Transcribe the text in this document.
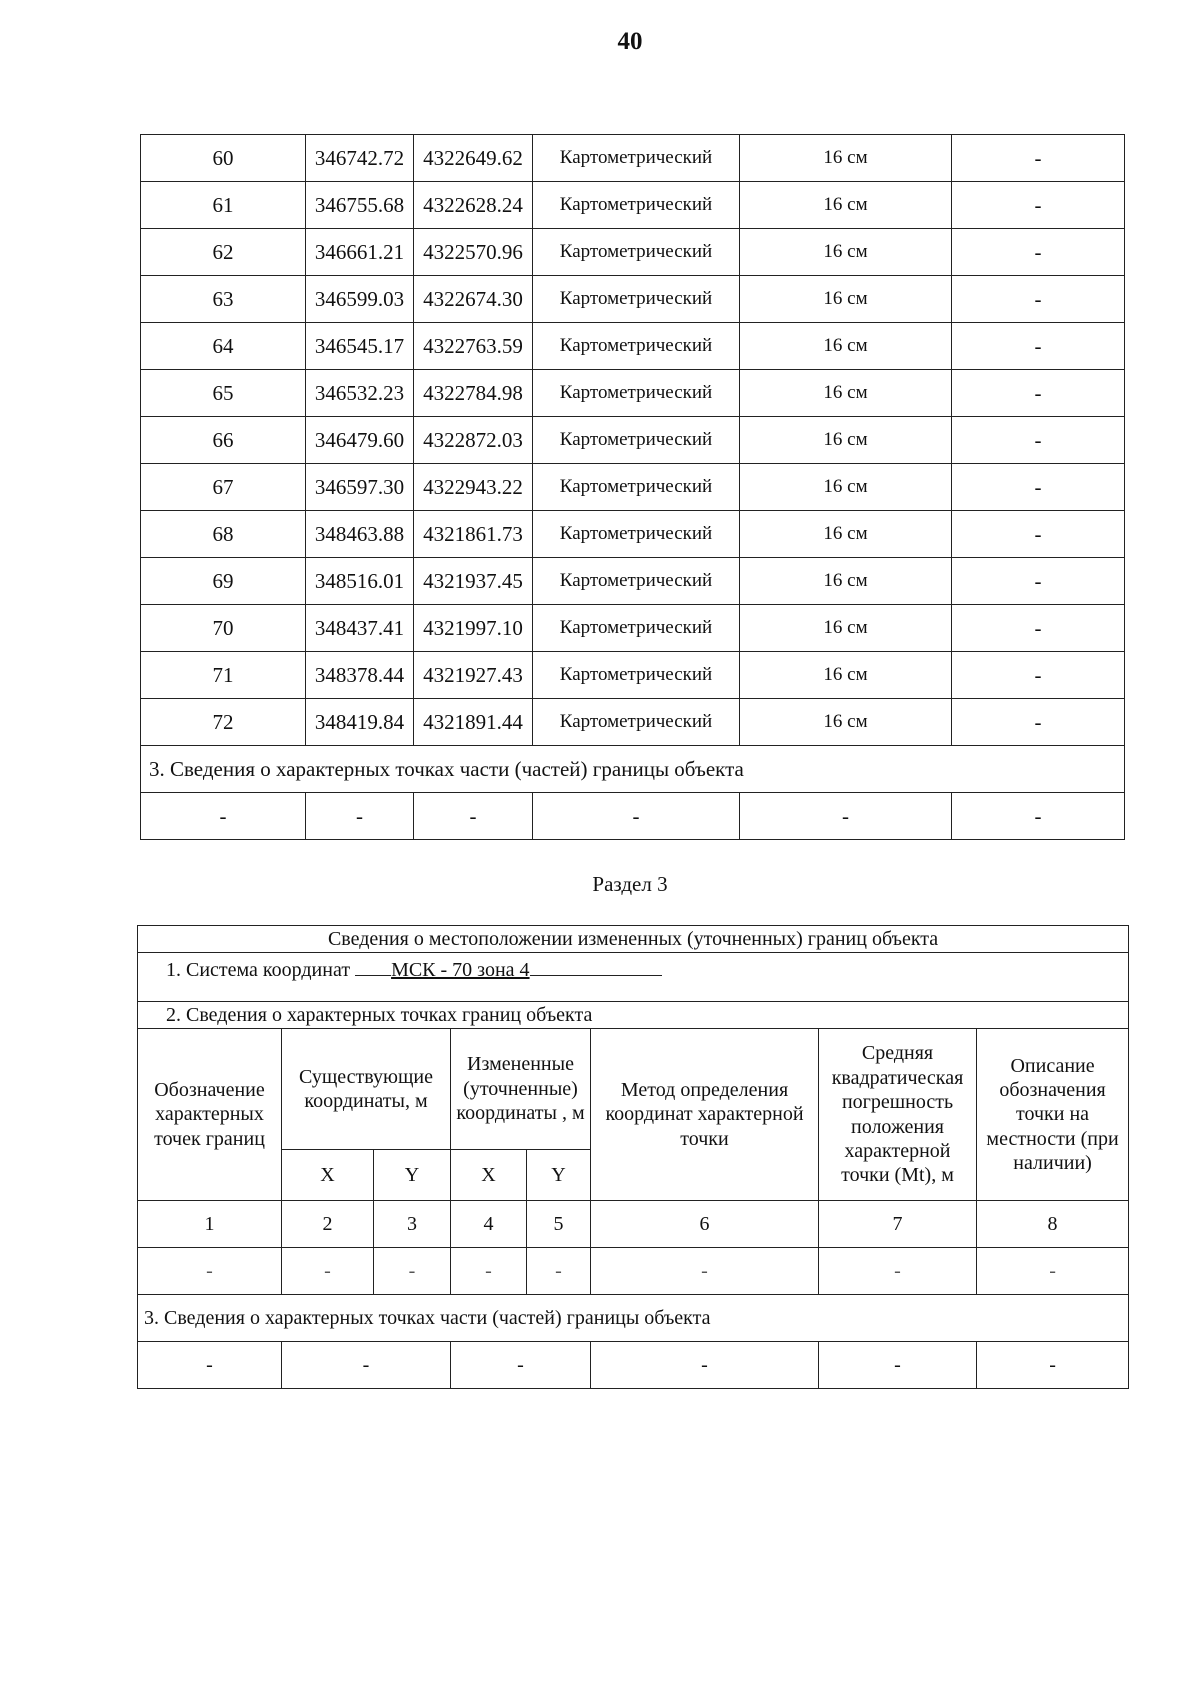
40
60	346742.72	4322649.62	Картометрический	16 см	-
61	346755.68	4322628.24	Картометрический	16 см	-
62	346661.21	4322570.96	Картометрический	16 см	-
63	346599.03	4322674.30	Картометрический	16 см	-
64	346545.17	4322763.59	Картометрический	16 см	-
65	346532.23	4322784.98	Картометрический	16 см	-
66	346479.60	4322872.03	Картометрический	16 см	-
67	346597.30	4322943.22	Картометрический	16 см	-
68	348463.88	4321861.73	Картометрический	16 см	-
69	348516.01	4321937.45	Картометрический	16 см	-
70	348437.41	4321997.10	Картометрический	16 см	-
71	348378.44	4321927.43	Картометрический	16 см	-
72	348419.84	4321891.44	Картометрический	16 см	-
3. Сведения о характерных точках части (частей) границы объекта					
-	-	-	-	-	-
Раздел 3
Сведения о местоположении измененных (уточненных) границ объекта							
1. Система координат МСК - 70 зона 4							
2. Сведения о характерных точках границ объекта							
Обозначение характерных точек границ	Существующие координаты, м		Измененные (уточненные) координаты , м		Метод определения координат характерной точки	Средняя квадратическая погрешность положения характерной точки (Mt), м	Описание обозначения точки на местности (при наличии)
	X	Y	X	Y			
1	2	3	4	5	6	7	8
-	-	-	-	-	-	-	-
3. Сведения о характерных точках части (частей) границы объекта							
-	-		-		-	-	-
